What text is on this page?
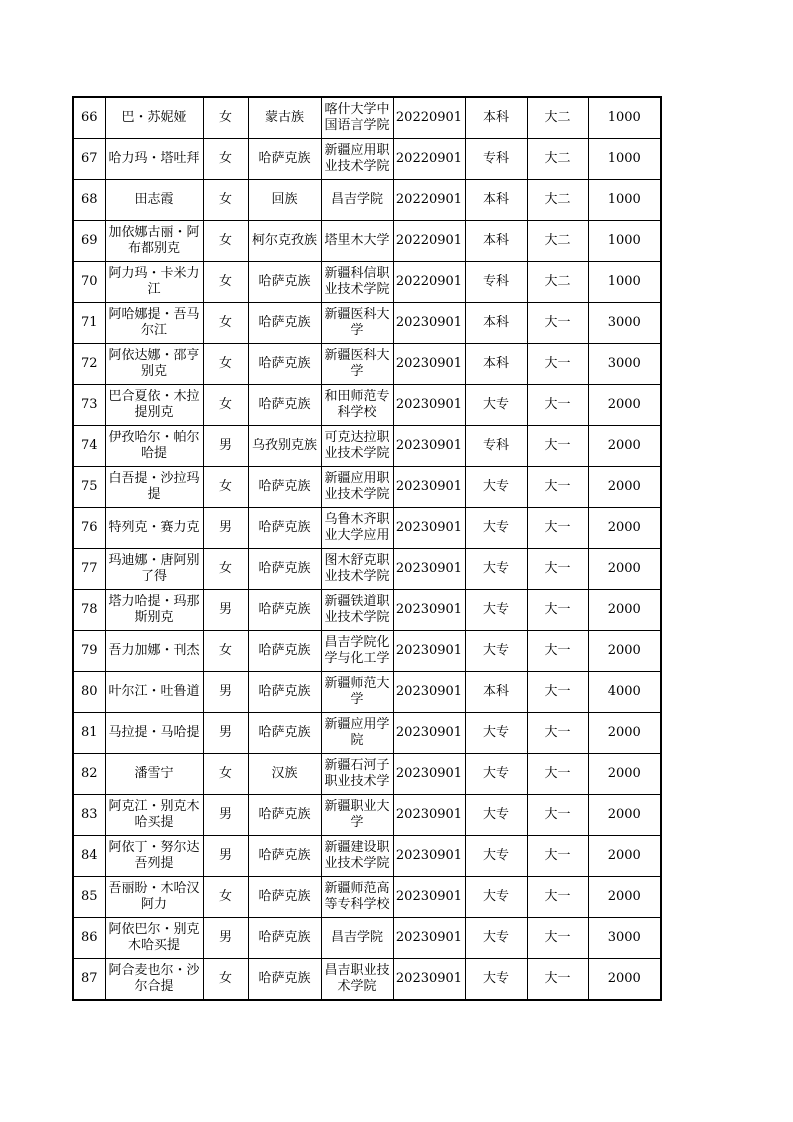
66	巴・苏妮娅	女	蒙古族	喀什大学中国语言学院	20220901	本科	大二	1000

67	哈力玛・塔吐拜	女	哈萨克族	新疆应用职业技术学院	20220901	专科	大二	1000

68	田志霞	女	回族	昌吉学院	20220901	本科	大二	1000

69	加依娜古丽・阿布都别克	女	柯尔克孜族	塔里木大学	20220901	本科	大二	1000

70	阿力玛・卡米力江	女	哈萨克族	新疆科信职业技术学院	20220901	专科	大二	1000

71	阿哈娜提・吾马尔江	女	哈萨克族	新疆医科大学	20230901	本科	大一	3000

72	阿依达娜・邵亨别克	女	哈萨克族	新疆医科大学	20230901	本科	大一	3000

73	巴合夏依・木拉提別克	女	哈萨克族	和田师范专科学校	20230901	大专	大一	2000

74	伊孜哈尔・帕尔哈提	男	乌孜别克族	可克达拉职业技术学院	20230901	专科	大一	2000

75	白吾提・沙拉玛提	女	哈萨克族	新疆应用职业技术学院	20230901	大专	大一	2000

76	特列克・赛力克	男	哈萨克族	乌鲁木齐职业大学应用	20230901	大专	大一	2000

77	玛迪娜・唐阿别了得	女	哈萨克族	图木舒克职业技术学院	20230901	大专	大一	2000

78	塔力哈提・玛那斯别克	男	哈萨克族	新疆铁道职业技术学院	20230901	大专	大一	2000

79	吾力加娜・刊杰	女	哈萨克族	昌吉学院化学与化工学	20230901	大专	大一	2000

80	叶尔江・吐鲁道	男	哈萨克族	新疆师范大学	20230901	本科	大一	4000

81	马拉提・马哈提	男	哈萨克族	新疆应用学院	20230901	大专	大一	2000

82	潘雪宁	女	汉族	新疆石河子职业技术学	20230901	大专	大一	2000

83	阿克江・别克木哈买提	男	哈萨克族	新疆职业大学	20230901	大专	大一	2000

84	阿依丁・努尔达吾列提	男	哈萨克族	新疆建设职业技术学院	20230901	大专	大一	2000

85	吾丽盼・木哈汉阿力	女	哈萨克族	新疆师范高等专科学校	20230901	大专	大一	2000

86	阿依巴尔・别克木哈买提	男	哈萨克族	昌吉学院	20230901	大专	大一	3000

87	阿合麦也尔・沙尔合提	女	哈萨克族	昌吉职业技术学院	20230901	大专	大一	2000
